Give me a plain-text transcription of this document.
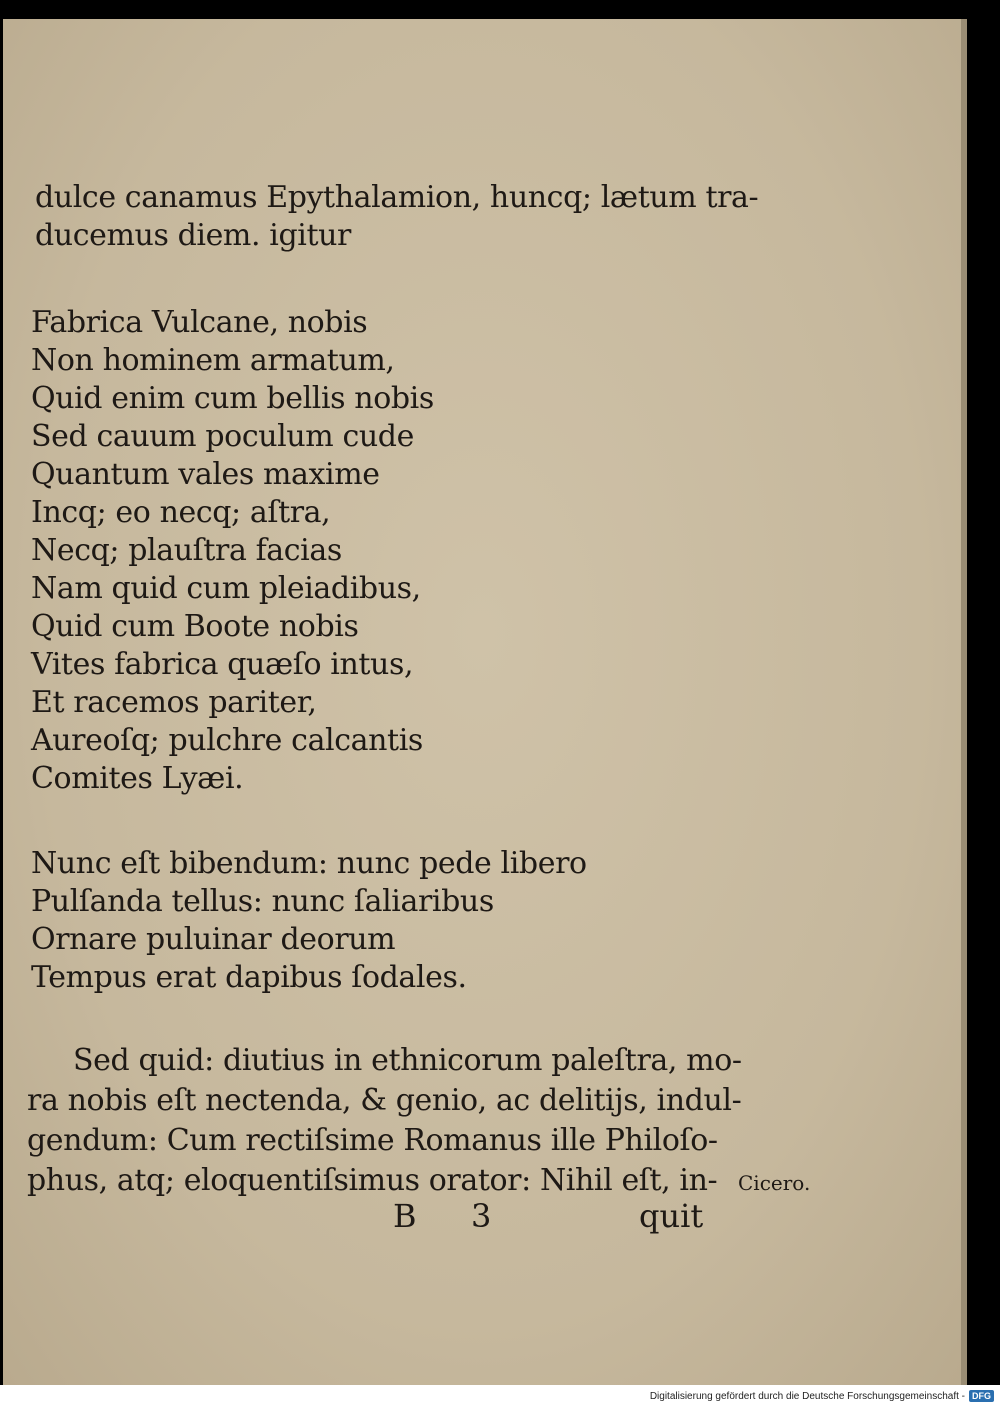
dulce canamus Epythalamion, huncq; lætum tra-
ducemus diem. igitur
Fabrica Vulcane, nobis
Non hominem armatum,
Quid enim cum bellis nobis
Sed cauum poculum cude
Quantum vales maxime
Incq; eo necq; aſtra,
Necq; plauſtra facias
Nam quid cum pleiadibus,
Quid cum Boote nobis
Vites fabrica quæſo intus,
Et racemos pariter,
Aureoſq; pulchre calcantis
Comites Lyæi.
Nunc eſt bibendum: nunc pede libero
Pulſanda tellus: nunc ſaliaribus
Ornare puluinar deorum
Tempus erat dapibus ſodales.
Sed quid: diutius in ethnicorum paleſtra, mo-
ra nobis eſt nectenda, & genio, ac delitijs, indul-
gendum: Cum rectiſsime Romanus ille Philoſo-
phus, atq; eloquentiſsimus orator: Nihil eſt, in-
B 3	quit
Cicero.
Digitalisierung gefördert durch die Deutsche Forschungsgemeinschaft - DFG
